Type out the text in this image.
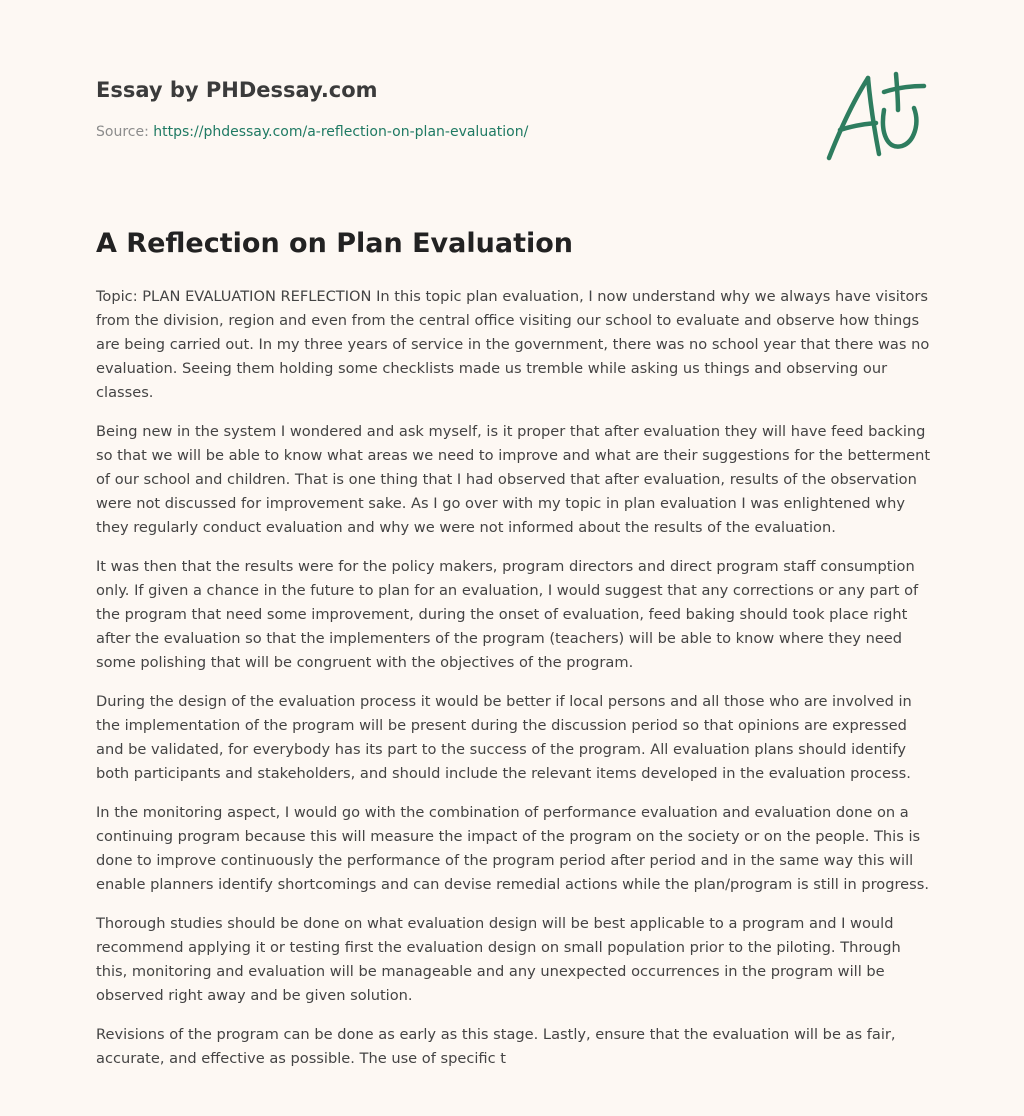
Essay by PHDessay.com
Source: https://phdessay.com/a-reflection-on-plan-evaluation/
A Reflection on Plan Evaluation

Topic: PLAN EVALUATION REFLECTION In this topic plan evaluation, I now understand why we always have visitors from the division, region and even from the central office visiting our school to evaluate and observe how things are being carried out. In my three years of service in the government, there was no school year that there was no evaluation. Seeing them holding some checklists made us tremble while asking us things and observing our classes.

Being new in the system I wondered and ask myself, is it proper that after evaluation they will have feed backing so that we will be able to know what areas we need to improve and what are their suggestions for the betterment of our school and children. That is one thing that I had observed that after evaluation, results of the observation were not discussed for improvement sake. As I go over with my topic in plan evaluation I was enlightened why they regularly conduct evaluation and why we were not informed about the results of the evaluation.

It was then that the results were for the policy makers, program directors and direct program staff consumption only. If given a chance in the future to plan for an evaluation, I would suggest that any corrections or any part of the program that need some improvement, during the onset of evaluation, feed baking should took place right after the evaluation so that the implementers of the program (teachers) will be able to know where they need some polishing that will be congruent with the objectives of the program.

During the design of the evaluation process it would be better if local persons and all those who are involved in the implementation of the program will be present during the discussion period so that opinions are expressed and be validated, for everybody has its part to the success of the program. All evaluation plans should identify both participants and stakeholders, and should include the relevant items developed in the evaluation process.

In the monitoring aspect, I would go with the combination of performance evaluation and evaluation done on a continuing program because this will measure the impact of the program on the society or on the people. This is done to improve continuously the performance of the program period after period and in the same way this will enable planners identify shortcomings and can devise remedial actions while the plan/program is still in progress.

Thorough studies should be done on what evaluation design will be best applicable to a program and I would recommend applying it or testing first the evaluation design on small population prior to the piloting. Through this, monitoring and evaluation will be manageable and any unexpected occurrences in the program will be observed right away and be given solution.

Revisions of the program can be done as early as this stage. Lastly, ensure that the evaluation will be as fair, accurate, and effective as possible. The use of specific t
